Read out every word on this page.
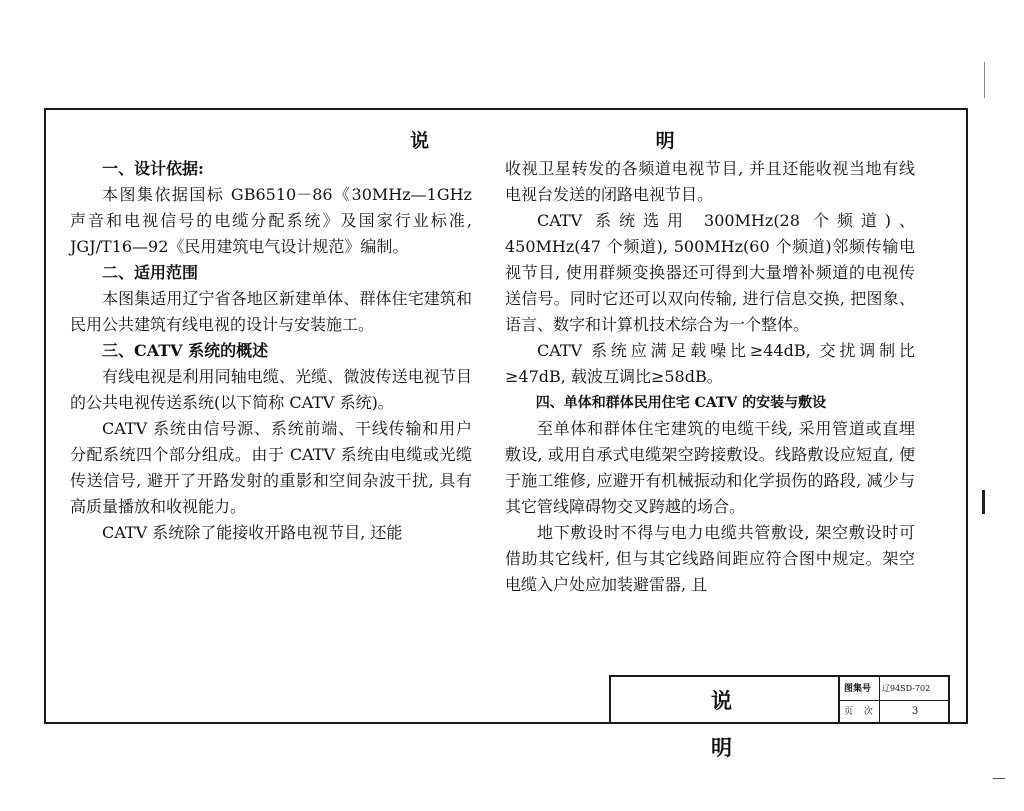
说 明
一、设计依据:

本图集依据国标 GB6510－86《30MHz—1GHz 声音和电视信号的电缆分配系统》及国家行业标准, JGJ/T16—92《民用建筑电气设计规范》编制。

二、适用范围

本图集适用辽宁省各地区新建单体、群体住宅建筑和民用公共建筑有线电视的设计与安装施工。

三、CATV 系统的概述

有线电视是利用同轴电缆、光缆、微波传送电视节目的公共电视传送系统(以下简称 CATV 系统)。

CATV 系统由信号源、系统前端、干线传输和用户分配系统四个部分组成。由于 CATV 系统由电缆或光缆传送信号, 避开了开路发射的重影和空间杂波干扰, 具有高质量播放和收视能力。

CATV 系统除了能接收开路电视节目, 还能

收视卫星转发的各频道电视节目, 并且还能收视当地有线电视台发送的闭路电视节目。

CATV 系统选用 300MHz(28 个频道)、450MHz(47 个频道), 500MHz(60 个频道)邻频传输电视节目, 使用群频变换器还可得到大量增补频道的电视传送信号。同时它还可以双向传输, 进行信息交换, 把图象、语言、数字和计算机技术综合为一个整体。

CATV 系统应满足载噪比≥44dB, 交扰调制比≥47dB, 载波互调比≥58dB。

四、单体和群体民用住宅 CATV 的安装与敷设

至单体和群体住宅建筑的电缆干线, 采用管道或直埋敷设, 或用自承式电缆架空跨接敷设。线路敷设应短直, 便于施工维修, 应避开有机械振动和化学损伤的路段, 减少与其它管线障碍物交叉跨越的场合。

地下敷设时不得与电力电缆共管敷设, 架空敷设时可借助其它线杆, 但与其它线路间距应符合图中规定。架空电缆入户处应加装避雷器, 且

说 明
图集号	辽94SD-702
页 次	3
